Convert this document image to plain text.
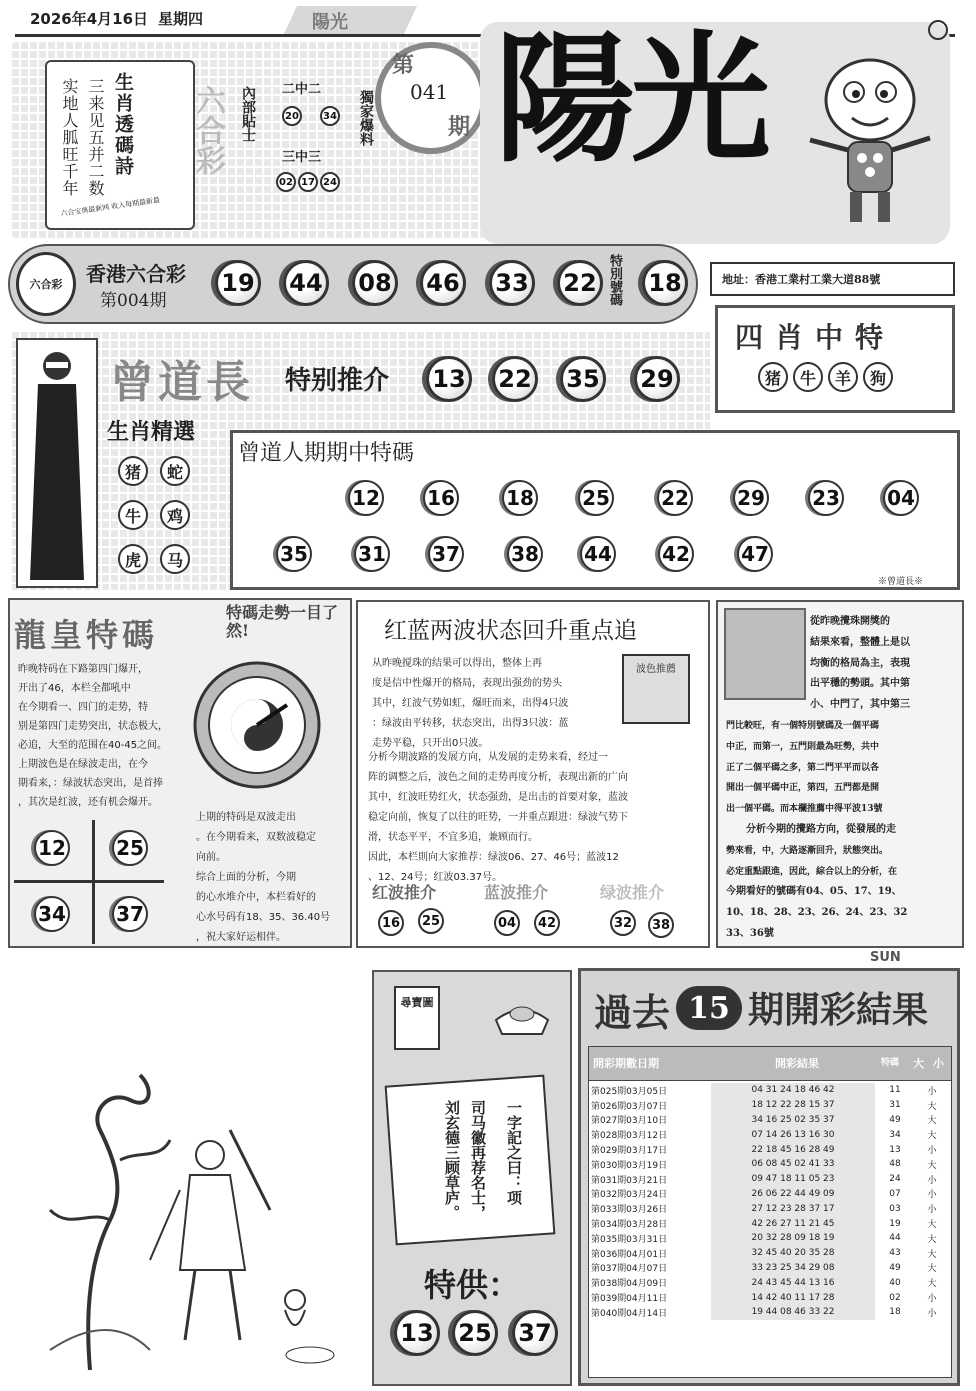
2026年4月16日 星期四	陽光
生肖透碼詩
三来见五并二数
实地人胍旺千年
六合宝典最新网 收入每期最新最
六合彩 內部貼士	獨家爆料
二中二
20	34
三中三
02 17 24
第
041
期 陽光
六合彩	香港六合彩
第004期
19 44 08 46 33 22 特別號碼 18	地址：香港工業村工業大道88號
四肖中特
猪	牛	羊	狗
曾道長 特别推介 13 22 35 29
生肖精選
猪	蛇
牛	鸡
虎	马
曾道人期期中特碼
12 16	18 25	22 29 23 04
35	31 37	38 44	42	47
※曾道長※
龍皇特碼
特碼走勢一目了然!
昨晚特码在下路第四门爆开，
开出了46，本栏全都吼中
在今期看一、四门的走势，特
别是第四门走势突出，状态极大，
必追，大至的范围在40-45之间。
上期波色是在绿波走出，在今
期看来，：绿波状态突出，是首捧
，其次是红波，还有机会爆开。
12	25
34	37
上期的特码是双波走出
。在今期看来，双数波稳定
向前。
综合上面的分析，今期
的心水堆介中，本栏看好的
心水号码有18、35、36.40号
，祝大家好运相伴。
红蓝两波状态回升重点追
波色推薦
从昨晚搅珠的结果可以得出，整体上再
度是信中性爆开的格局，表现出强劲的势头
其中，红波气势如虹，爆旺而来，出得4只波
：绿波由平转移，状态突出，出得3只波：蓝
走势平稳，只开出0只波。
分析今期波路的发展方向，从发展的走势来看，经过一
阵的调整之后，波色之间的走势再度分析，表现出新的广向
其中，红波旺势红火，状态强劲，是出击的首要对象，蓝波
稳定向前，恢复了以往的旺势，一并重点跟进：绿波气势下
滑，状态平平，不宜多追，兼顾而行。
因此，本栏則向大家推荐：绿波06、27、46号；蓝波12
、12、24号；红波03.37号。
红波推介
16	25
蓝波推介
04	42
绿波推介
32	38
從昨晚攪珠開獎的
結果來看，整體上是以
均衡的格局為主，表現
出平穩的勢頭。其中第
小、中門了，其中第三
門比較旺，有一個特別號碼及一個平碼
中正，而第一，五門則最為旺勢，共中
正了二個平碼之多，第二門平平而以各
開出一個平碼中正，第四，五門都是開
出一個平碼。而本欄推薦中得平波13號
分析今期的攪路方向，從發展的走
勢來看，中，大路逐漸回升，狀態突出。
必定重點跟進，因此，綜合以上的分析，在
今期看好的號碼有04、05、17、19、
10、18、28、23、26、24、23、32
33、36號
SUN
尋寶圖
司马徽再荐名士，
刘玄德三顾草庐。	一字記之曰：项
特供：
13 25 37
過去 15 期開彩結果
開彩期數日期	開彩結果	特碼	大 小
第025期03月05日	04 31 24 18 46 42	11	小
第026期03月07日	18 12 22 28 15 37	31	大
第027期03月10日	34 16 25 02 35 37	49	大
第028期03月12日	07 14 26 13 16 30	34	大
第029期03月17日	22 18 45 16 28 49	13	小
第030期03月19日	06 08 45 02 41 33	48	大
第031期03月21日	09 47 18 11 05 23	24	小
第032期03月24日	26 06 22 44 49 09	07	小
第033期03月26日	27 12 23 28 37 17	03	小
第034期03月28日	42 26 27 11 21 45	19	大
第035期03月31日	20 32 28 09 18 19	44	大
第036期04月01日	32 45 40 20 35 28	43	大
第037期04月07日	33 23 25 34 29 08	49	大
第038期04月09日	24 43 45 44 13 16	40	大
第039期04月11日	14 42 40 11 17 28	02	小
第040期04月14日	19 44 08 46 33 22	18	小
